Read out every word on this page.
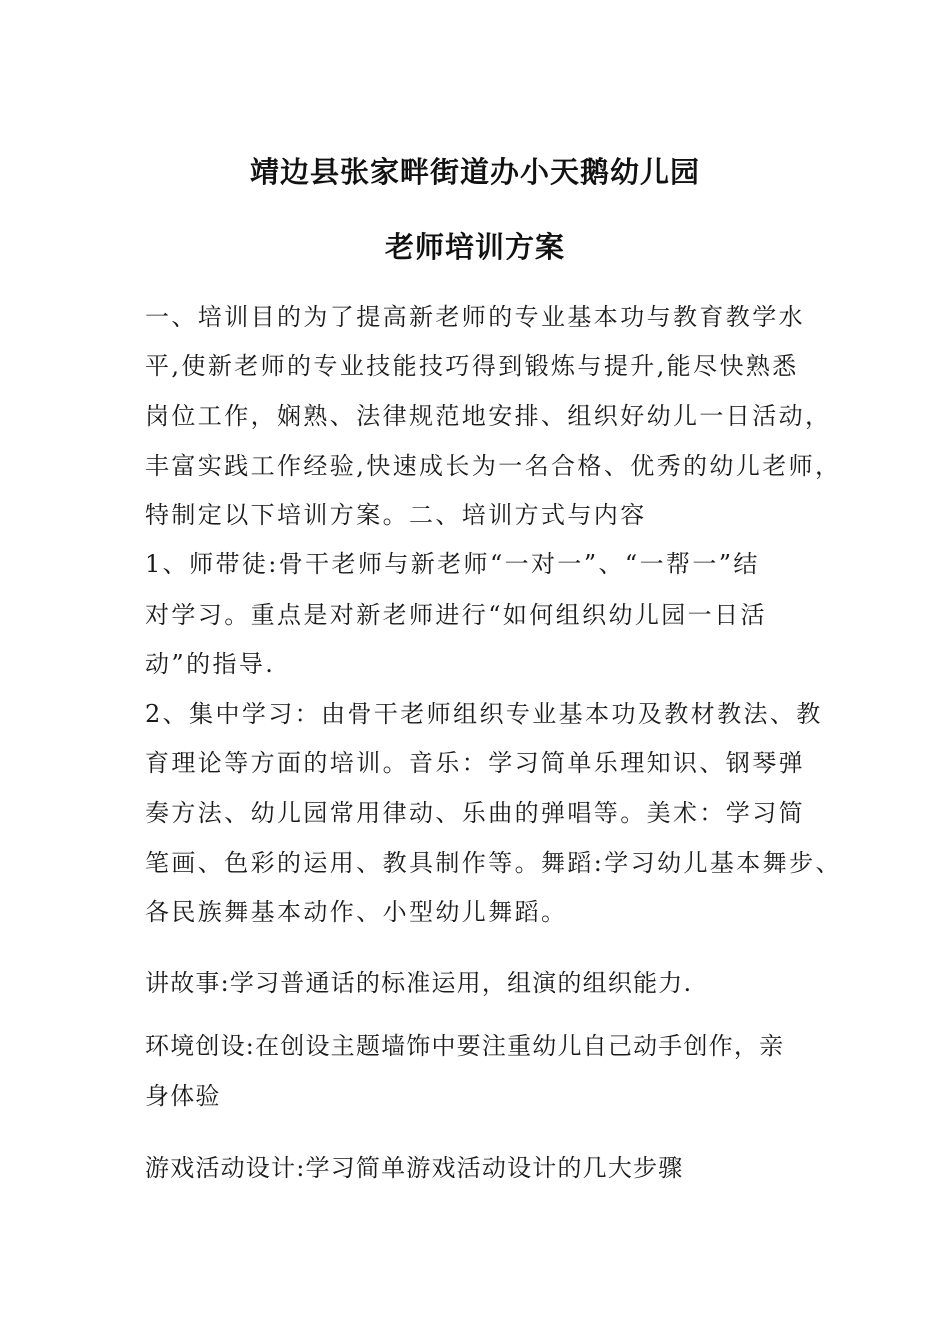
靖边县张家畔街道办小天鹅幼儿园
老师培训方案
一、培训目的为了提高新老师的专业基本功与教育教学水
平,使新老师的专业技能技巧得到锻炼与提升,能尽快熟悉
岗位工作，娴熟、法律规范地安排、组织好幼儿一日活动，
丰富实践工作经验,快速成长为一名合格、优秀的幼儿老师，
特制定以下培训方案。二、培训方式与内容
1、师带徒:骨干老师与新老师“一对一”、“一帮一”结
对学习。重点是对新老师进行“如何组织幼儿园一日活
动”的指导.
2、集中学习：由骨干老师组织专业基本功及教材教法、教
育理论等方面的培训。音乐：学习简单乐理知识、钢琴弹
奏方法、幼儿园常用律动、乐曲的弹唱等。美术：学习简
笔画、色彩的运用、教具制作等。舞蹈:学习幼儿基本舞步、
各民族舞基本动作、小型幼儿舞蹈。
讲故事:学习普通话的标准运用，组演的组织能力.
环境创设:在创设主题墙饰中要注重幼儿自己动手创作，亲
身体验
游戏活动设计:学习简单游戏活动设计的几大步骤
